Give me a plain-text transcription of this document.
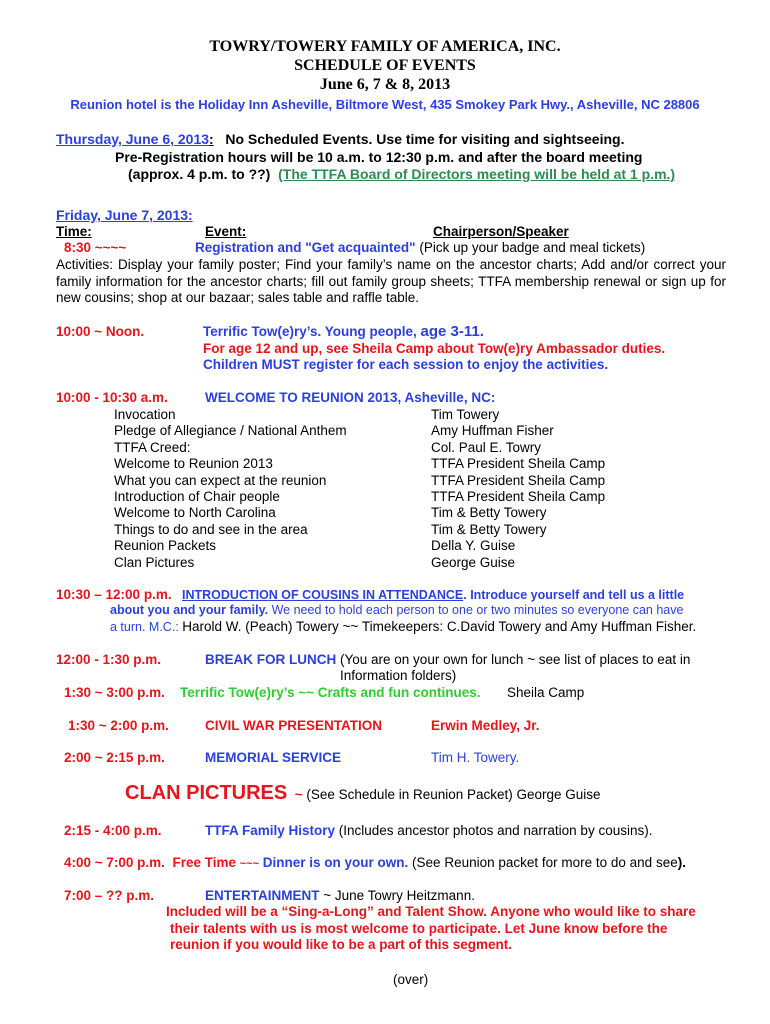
TOWRY/TOWERY FAMILY OF AMERICA, INC.
SCHEDULE OF EVENTS
June 6, 7 & 8, 2013
Reunion hotel is the Holiday Inn Asheville, Biltmore West, 435 Smokey Park Hwy., Asheville, NC 28806
Thursday, June 6, 2013: No Scheduled Events. Use time for visiting and sightseeing.
Pre-Registration hours will be 10 a.m. to 12:30 p.m. and after the board meeting
(approx. 4 p.m. to ??) (The TTFA Board of Directors meeting will be held at 1 p.m.)
Friday, June 7, 2013:
Time:	Event:	Chairperson/Speaker
8:30 ~~~~	Registration and "Get acquainted" (Pick up your badge and meal tickets)
Activities: Display your family poster; Find your family’s name on the ancestor charts; Add and/or correct your family information for the ancestor charts; fill out family group sheets; TTFA membership renewal or sign up for new cousins; shop at our bazaar; sales table and raffle table.
10:00 ~ Noon.	Terrific Tow(e)ry’s. Young people, age 3-11.
For age 12 and up, see Sheila Camp about Tow(e)ry Ambassador duties.
Children MUST register for each session to enjoy the activities.
10:00 - 10:30 a.m.	WELCOME TO REUNION 2013, Asheville, NC:
Invocation	Tim Towery
Pledge of Allegiance / National Anthem	Amy Huffman Fisher
TTFA Creed:	Col. Paul E. Towry
Welcome to Reunion 2013	TTFA President Sheila Camp
What you can expect at the reunion	TTFA President Sheila Camp
Introduction of Chair people	TTFA President Sheila Camp
Welcome to North Carolina	Tim & Betty Towery
Things to do and see in the area	Tim & Betty Towery
Reunion Packets	Della Y. Guise
Clan Pictures	George Guise
10:30 – 12:00 p.m. INTRODUCTION OF COUSINS IN ATTENDANCE. Introduce yourself and tell us a little
about you and your family. We need to hold each person to one or two minutes so everyone can have
a turn. M.C.: Harold W. (Peach) Towery ~~ Timekeepers: C.David Towery and Amy Huffman Fisher.
12:00 - 1:30 p.m.	BREAK FOR LUNCH (You are on your own for lunch ~ see list of places to eat in
Information folders)
1:30 ~ 3:00 p.m. Terrific Tow(e)ry’s ~~ Crafts and fun continues. Sheila Camp
1:30 ~ 2:00 p.m.	CIVIL WAR PRESENTATION	Erwin Medley, Jr.
2:00 ~ 2:15 p.m.	MEMORIAL SERVICE	Tim H. Towery.
CLAN PICTURES ~ (See Schedule in Reunion Packet) George Guise
2:15 - 4:00 p.m.	TTFA Family History (Includes ancestor photos and narration by cousins).
4:00 ~ 7:00 p.m. Free Time ~~~ Dinner is on your own. (See Reunion packet for more to do and see).
7:00 – ?? p.m.	ENTERTAINMENT ~ June Towry Heitzmann.
Included will be a “Sing-a-Long” and Talent Show. Anyone who would like to share
their talents with us is most welcome to participate. Let June know before the
reunion if you would like to be a part of this segment.
(over)
